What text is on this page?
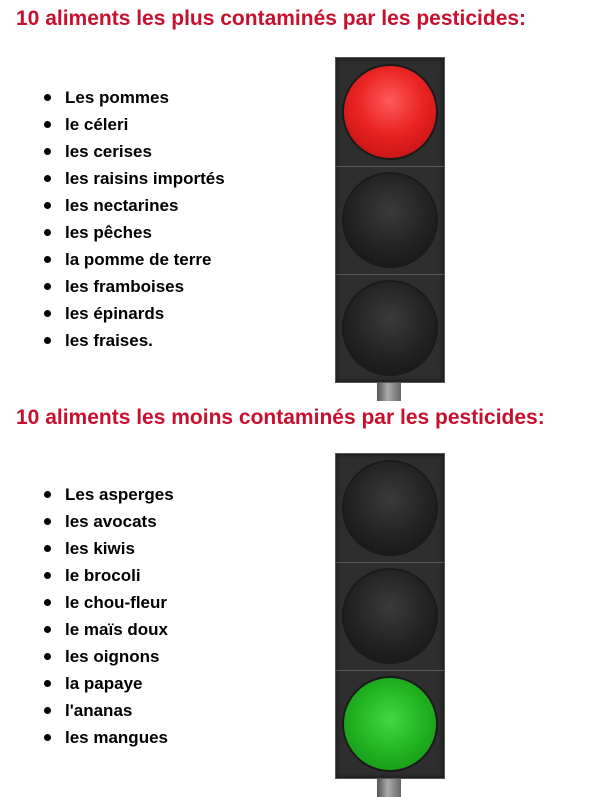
10 aliments les plus contaminés par les pesticides:
Les pommes
le céleri
les cerises
les raisins importés
les nectarines
les pêches
la pomme de terre
les framboises
les épinards
les fraises.
10 aliments les moins contaminés par les pesticides:
Les asperges
les avocats
les kiwis
le brocoli
le chou-fleur
le maïs doux
les oignons
la papaye
l'ananas
les mangues
